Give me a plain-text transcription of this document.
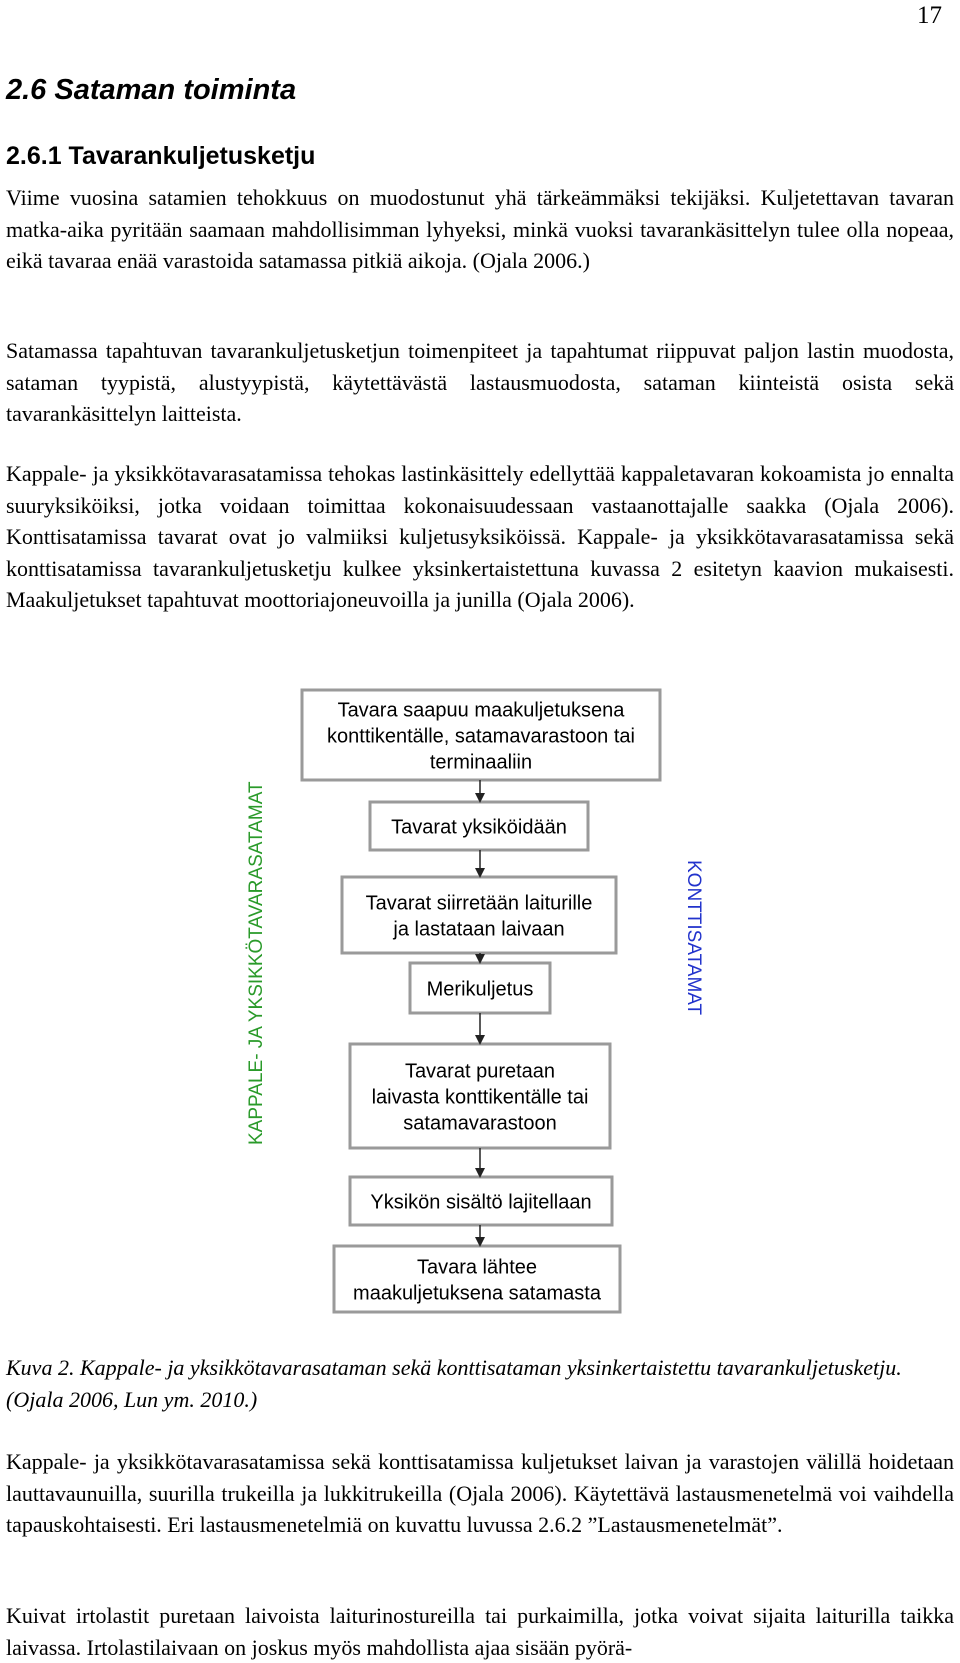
17
2.6 Sataman toiminta
2.6.1 Tavarankuljetusketju
Viime vuosina satamien tehokkuus on muodostunut yhä tärkeämmäksi tekijäksi. Kuljetettavan tavaran matka-aika pyritään saamaan mahdollisimman lyhyeksi, minkä vuoksi tavarankäsittelyn tulee olla nopeaa, eikä tavaraa enää varastoida satamassa pitkiä aikoja. (Ojala 2006.)
Satamassa tapahtuvan tavarankuljetusketjun toimenpiteet ja tapahtumat riippuvat paljon lastin muodosta, sataman tyypistä, alustyypistä, käytettävästä lastausmuodosta, sataman kiinteistä osista sekä tavarankäsittelyn laitteista.
Kappale- ja yksikkötavarasatamissa tehokas lastinkäsittely edellyttää kappaletavaran kokoamista jo ennalta suuryksiköiksi, jotka voidaan toimittaa kokonaisuudessaan vastaanottajalle saakka (Ojala 2006). Konttisatamissa tavarat ovat jo valmiiksi kuljetusyksiköissä. Kappale- ja yksikkötavarasatamissa sekä konttisatamissa tavarankuljetusketju kulkee yksinkertaistettuna kuvassa 2 esitetyn kaavion mukaisesti. Maakuljetukset tapahtuvat moottoriajoneuvoilla ja junilla (Ojala 2006).
Tavara saapuu maakuljetuksena
konttikentälle, satamavarastoon tai
terminaaliin
Tavarat yksiköidään
Tavarat siirretään laiturille
ja lastataan laivaan
Merikuljetus
Tavarat puretaan
laivasta konttikentälle tai
satamavarastoon
Yksikön sisältö lajitellaan
Tavara lähtee
maakuljetuksena satamasta
KAPPALE- JA YKSIKKÖTAVARASATAMAT	KONTTISATAMAT
Kuva 2. Kappale- ja yksikkötavarasataman sekä konttisataman yksinkertaistettu tavarankuljetusketju. (Ojala 2006, Lun ym. 2010.)
Kappale- ja yksikkötavarasatamissa sekä konttisatamissa kuljetukset laivan ja varastojen välillä hoidetaan lauttavaunuilla, suurilla trukeilla ja lukkitrukeilla (Ojala 2006). Käytettävä lastausmenetelmä voi vaihdella tapauskohtaisesti. Eri lastausmenetelmiä on kuvattu luvussa 2.6.2 ”Lastausmenetelmät”.
Kuivat irtolastit puretaan laivoista laiturinostureilla tai purkaimilla, jotka voivat sijaita laiturilla taikka laivassa. Irtolastilaivaan on joskus myös mahdollista ajaa sisään pyörä-
